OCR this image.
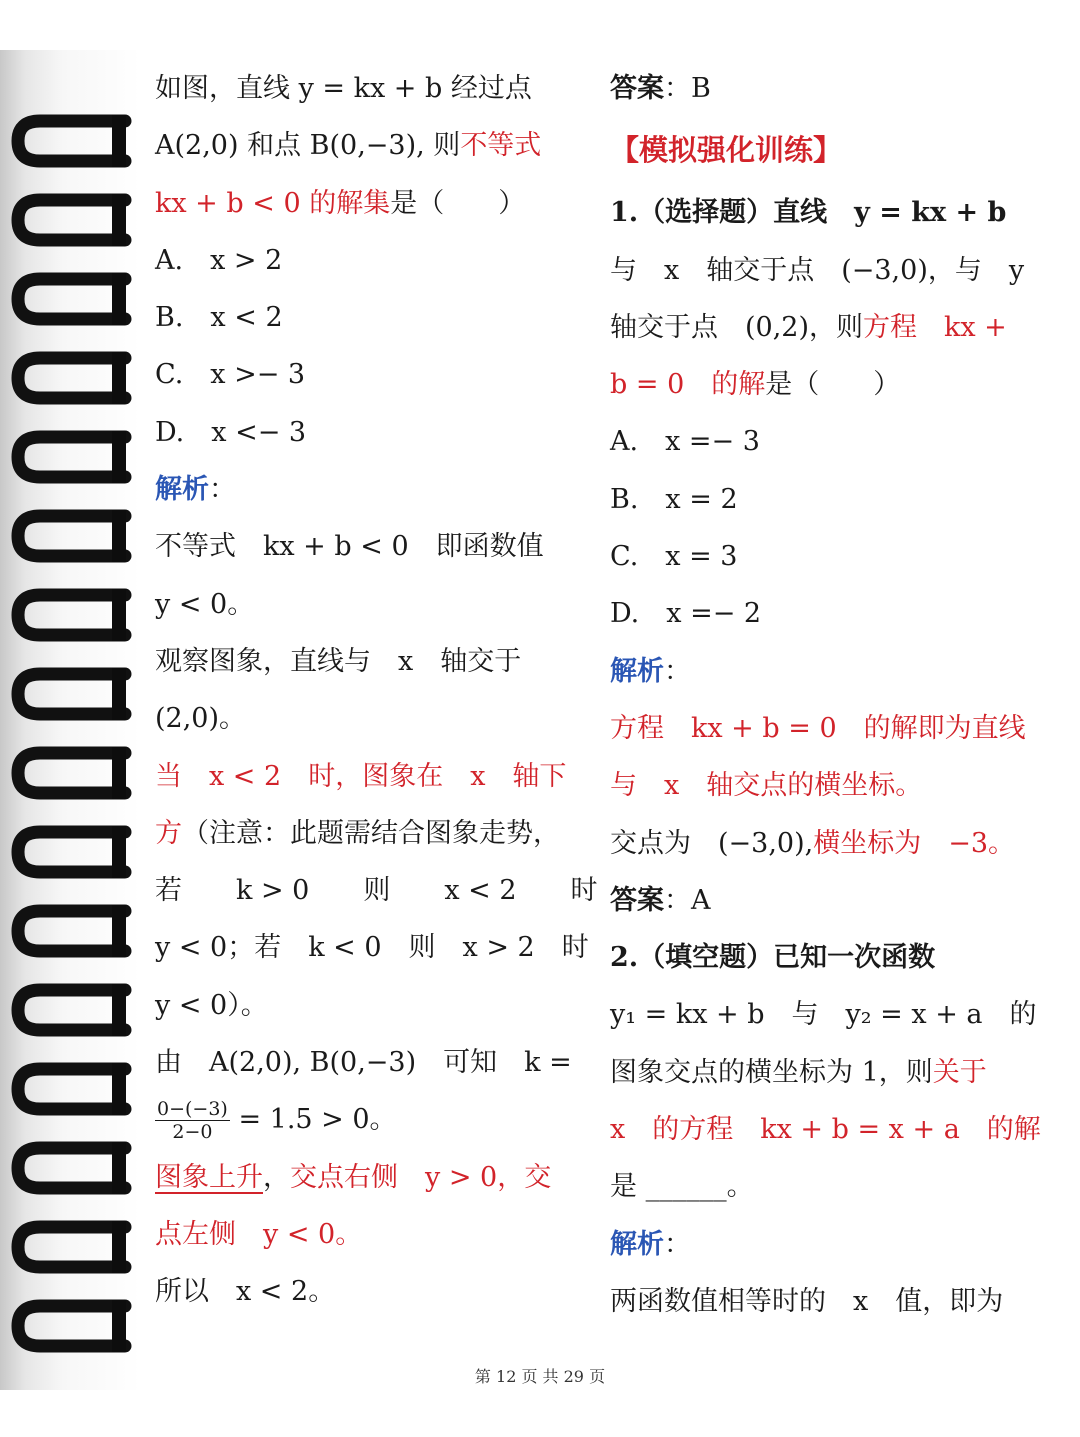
如图，直线 y = kx + b 经过点
A(2,0) 和点 B(0,−3), 则不等式
kx + b < 0 的解集是（　　）
A.　x > 2
B.　x < 2
C.　x >− 3
D.　x <− 3
解析：
不等式　kx + b < 0　即函数值
y < 0。
观察图象，直线与　x　轴交于
(2,0)。
当　x < 2　时，图象在　x　轴下
方（注意：此题需结合图象走势，
若　　k > 0　　则　　x < 2　　时
y < 0；若　k < 0　则　x > 2　时
y < 0）。
由　A(2,0), B(0,−3)　可知　k =
$\frac{0-(-3)}{2-0} = 1.5 > 0$。
图象上升，交点右侧　y > 0，交
点左侧　y < 0。
所以　x < 2。
答案：B
【模拟强化训练】
1.（选择题）直线　y = kx + b
与　x　轴交于点　(−3,0)，与　y
轴交于点　(0,2)，则方程　kx +
b = 0　的解是（　　）
A.　x =− 3
B.　x = 2
C.　x = 3
D.　x =− 2
解析：
方程　kx + b = 0　的解即为直线
与　x　轴交点的横坐标。
交点为　(−3,0),横坐标为　−3。
答案：A
2.（填空题）已知一次函数
y₁ = kx + b　与　y₂ = x + a　的
图象交点的横坐标为 1，则关于
x　的方程　kx + b = x + a　的解
是 ______。
解析：
两函数值相等时的　x　值，即为
第 12 页 共 29 页
